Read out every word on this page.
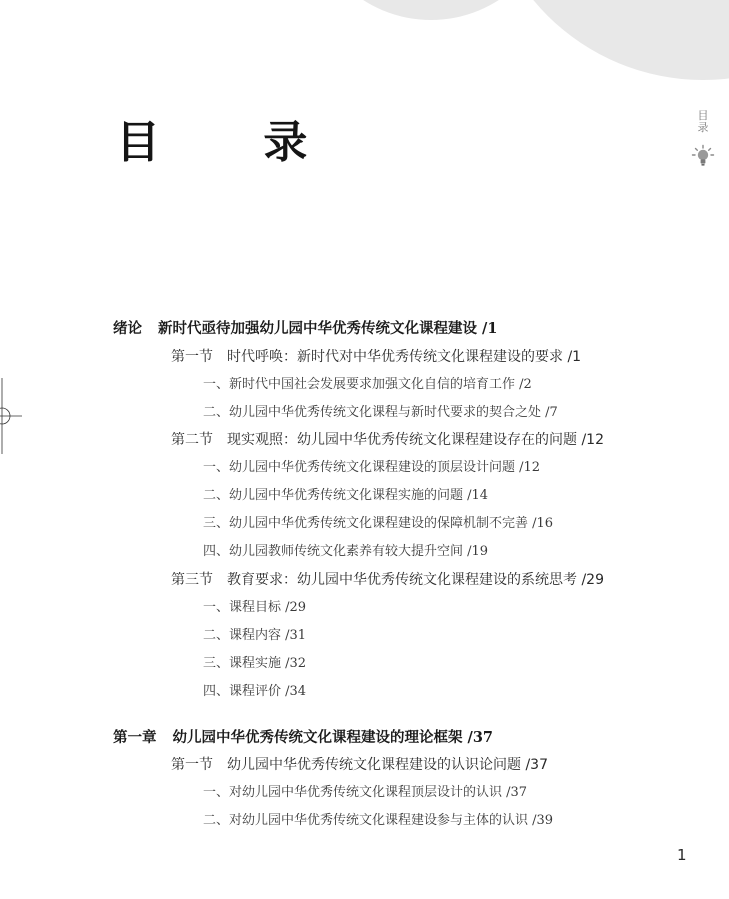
目 录
目录
绪论 新时代亟待加强幼儿园中华优秀传统文化课程建设 /1
第一节 时代呼唤：新时代对中华优秀传统文化课程建设的要求 /1
一、新时代中国社会发展要求加强文化自信的培育工作 /2
二、幼儿园中华优秀传统文化课程与新时代要求的契合之处 /7
第二节 现实观照：幼儿园中华优秀传统文化课程建设存在的问题 /12
一、幼儿园中华优秀传统文化课程建设的顶层设计问题 /12
二、幼儿园中华优秀传统文化课程实施的问题 /14
三、幼儿园中华优秀传统文化课程建设的保障机制不完善 /16
四、幼儿园教师传统文化素养有较大提升空间 /19
第三节 教育要求：幼儿园中华优秀传统文化课程建设的系统思考 /29
一、课程目标 /29
二、课程内容 /31
三、课程实施 /32
四、课程评价 /34
第一章 幼儿园中华优秀传统文化课程建设的理论框架 /37
第一节 幼儿园中华优秀传统文化课程建设的认识论问题 /37
一、对幼儿园中华优秀传统文化课程顶层设计的认识 /37
二、对幼儿园中华优秀传统文化课程建设参与主体的认识 /39
1
